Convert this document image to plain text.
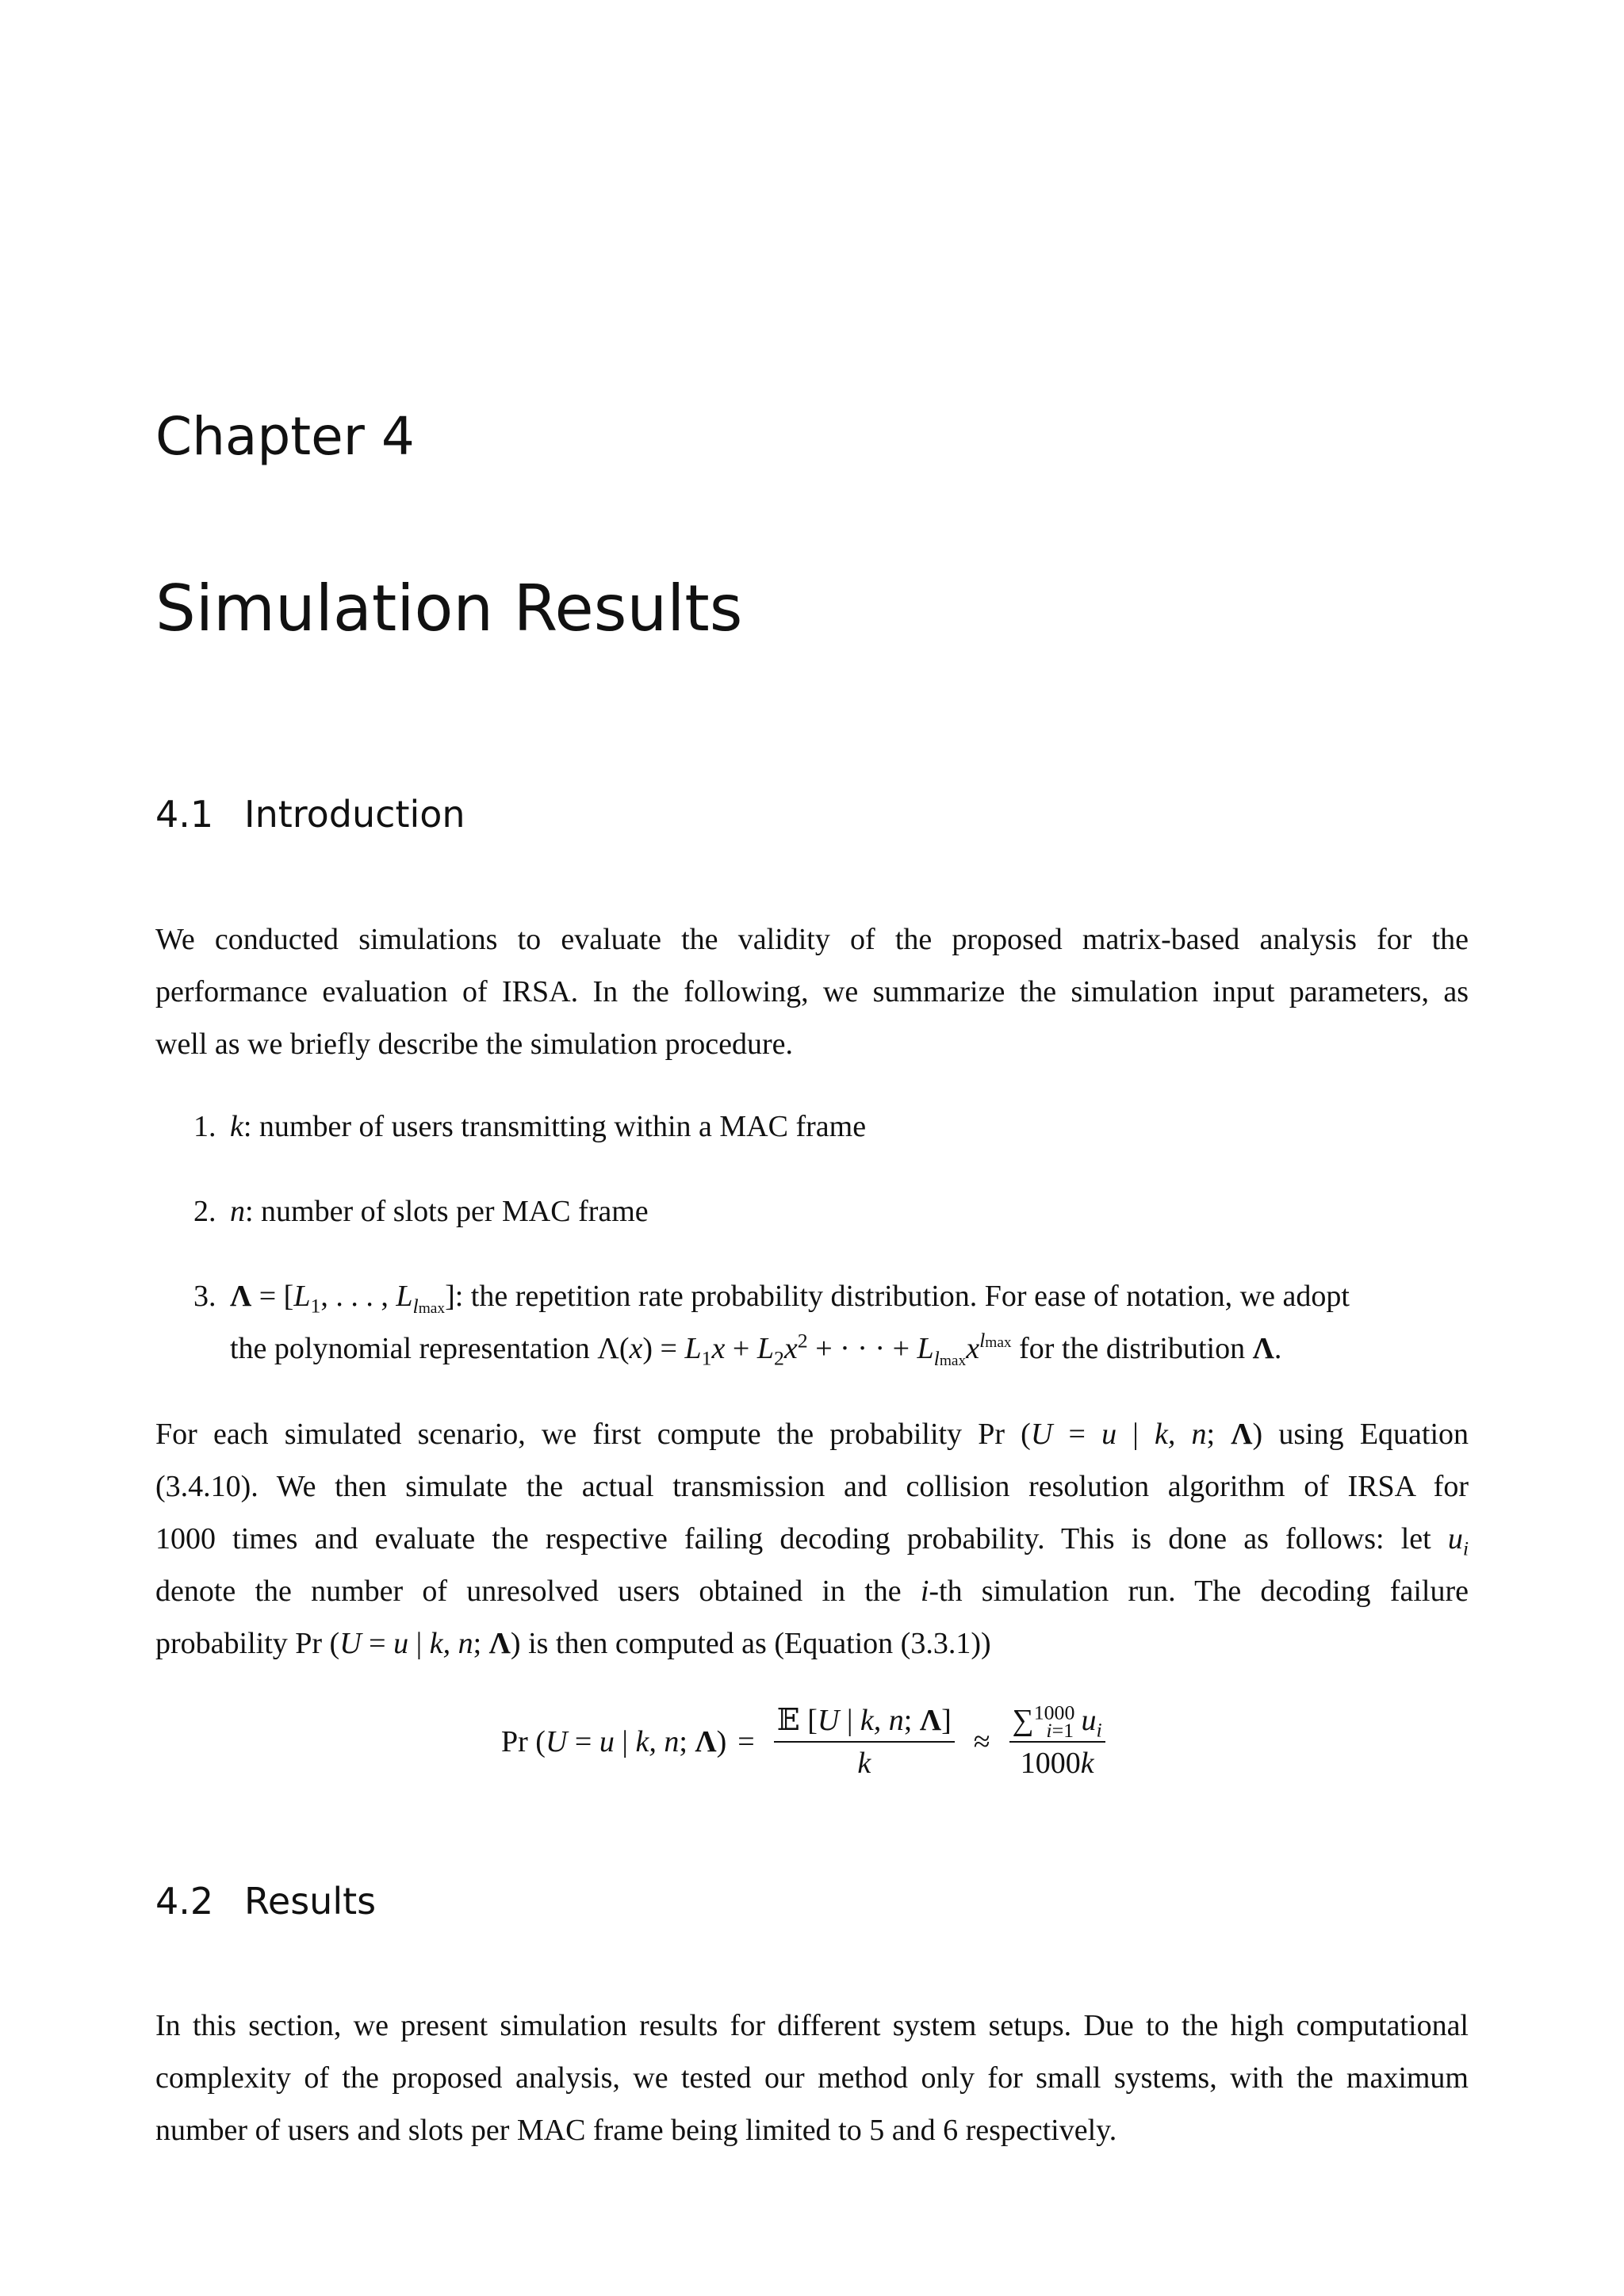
Chapter 4
Simulation Results
4.1 Introduction
We conducted simulations to evaluate the validity of the proposed matrix-based analysis for the
performance evaluation of IRSA. In the following, we summarize the simulation input parameters, as
well as we briefly describe the simulation procedure.
1. k: number of users transmitting within a MAC frame
2. n: number of slots per MAC frame
3. $\Lambda = [L_1$, . . . , $L_{lmax}$]: the repetition rate probability distribution. For ease of notation, we adopt
the polynomial representation $\Lambda(x) = L_1x + L_2x^2$ + · · · + $L_{lmax}x^{lmax}$ for the distribution Λ.
For each simulated scenario, we first compute the probability Pr (U = u | k, n; Λ) using Equation
(3.4.10). We then simulate the actual transmission and collision resolution algorithm of IRSA for
1000 times and evaluate the respective failing decoding probability. This is done as follows: let $u_i$
denote the number of unresolved users obtained in the i-th simulation run. The decoding failure
probability Pr (U = u | k, n; Λ) is then computed as (Equation (3.3.1))
Pr (U = u | k, n; $\Lambda) = \frac{\text{𝔼 [U | k, n; Λ]}}{k} \approx \frac{\sum^{1000}_{i=1} u_i}{1000k}$
4.2 Results
In this section, we present simulation results for different system setups. Due to the high computational
complexity of the proposed analysis, we tested our method only for small systems, with the maximum
number of users and slots per MAC frame being limited to 5 and 6 respectively.
